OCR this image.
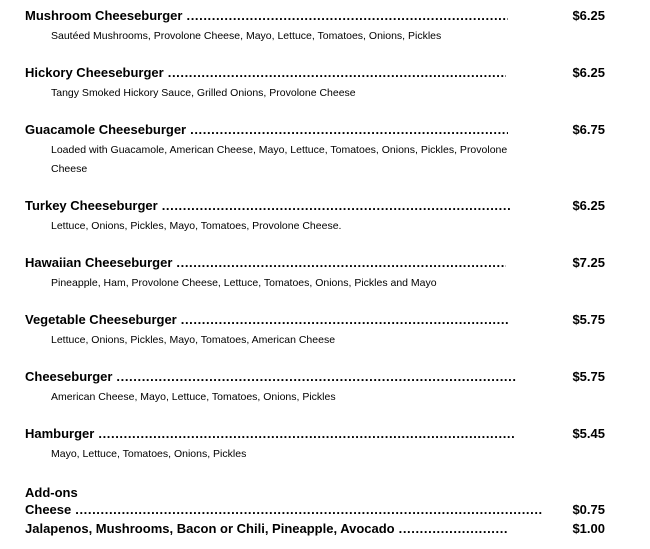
Mushroom Cheeseburger .....	$6.25
Sautéed Mushrooms, Provolone Cheese, Mayo, Lettuce, Tomatoes, Onions, Pickles
Hickory Cheeseburger .....	$6.25
Tangy Smoked Hickory Sauce, Grilled Onions, Provolone Cheese
Guacamole Cheeseburger .....	$6.75
Loaded with Guacamole, American Cheese, Mayo, Lettuce, Tomatoes, Onions, Pickles, Provolone Cheese
Turkey Cheeseburger .....	$6.25
Lettuce, Onions, Pickles, Mayo, Tomatoes, Provolone Cheese.
Hawaiian Cheeseburger .....	$7.25
Pineapple, Ham, Provolone Cheese, Lettuce, Tomatoes, Onions, Pickles and Mayo
Vegetable Cheeseburger .....	$5.75
Lettuce, Onions, Pickles, Mayo, Tomatoes, American Cheese
Cheeseburger .....	$5.75
American Cheese, Mayo, Lettuce, Tomatoes, Onions, Pickles
Hamburger .....	$5.45
Mayo, Lettuce, Tomatoes, Onions, Pickles
Add-ons
Cheese .....	$0.75
Jalapenos, Mushrooms, Bacon or Chili, Pineapple, Avocado .....	$1.00
